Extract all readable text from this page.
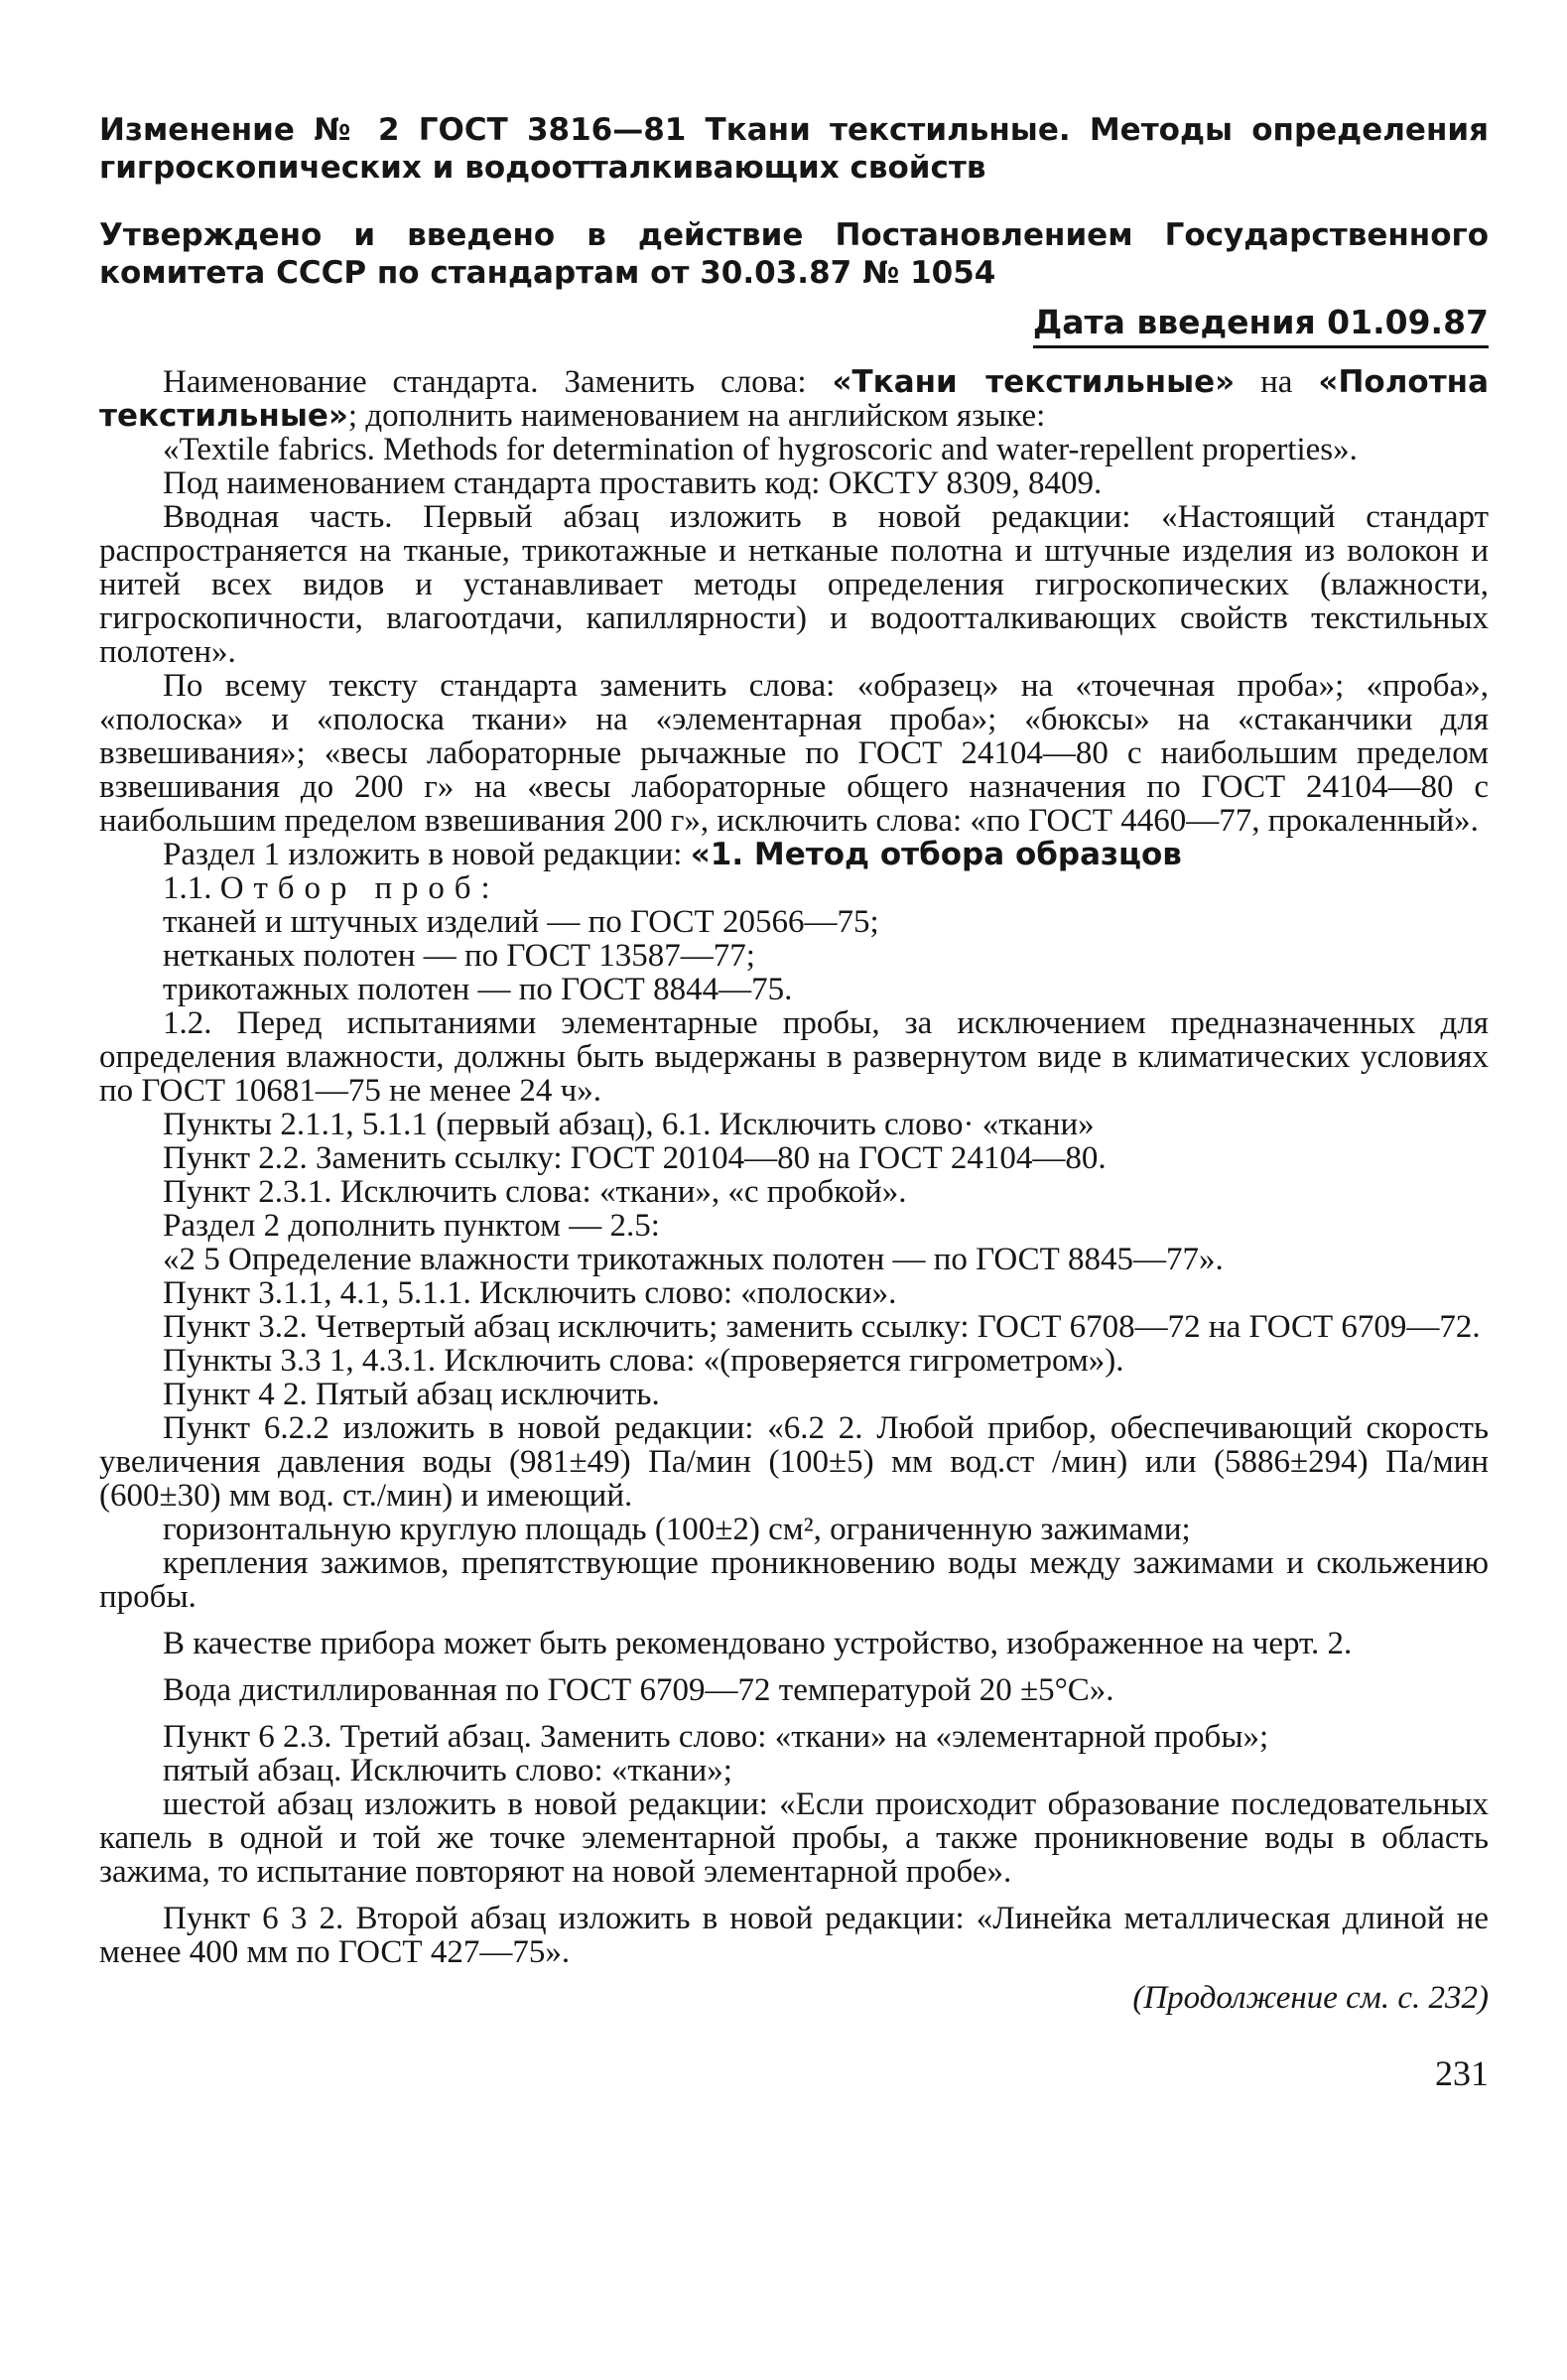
Изменение № 2 ГОСТ 3816—81 Ткани текстильные. Методы определения гигроскопических и водоотталкивающих свойств

Утверждено и введено в действие Постановлением Государственного комитета СССР по стандартам от 30.03.87 № 1054

Дата введения 01.09.87

Наименование стандарта. Заменить слова: «Ткани текстильные» на «Полотна текстильные»; дополнить наименованием на английском языке:

«Textile fabrics. Methods for determination of hygroscoric and water-repellent properties».

Под наименованием стандарта проставить код: ОКСТУ 8309, 8409.

Вводная часть. Первый абзац изложить в новой редакции: «Настоящий стандарт распространяется на тканые, трикотажные и нетканые полотна и штучные изделия из волокон и нитей всех видов и устанавливает методы определения гигроскопических (влажности, гигроскопичности, влагоотдачи, капиллярности) и водоотталкивающих свойств текстильных полотен».

По всему тексту стандарта заменить слова: «образец» на «точечная проба»; «проба», «полоска» и «полоска ткани» на «элементарная проба»; «бюксы» на «стаканчики для взвешивания»; «весы лабораторные рычажные по ГОСТ 24104—80 с наибольшим пределом взвешивания до 200 г» на «весы лабораторные общего назначения по ГОСТ 24104—80 с наибольшим пределом взвешивания 200 г», исключить слова: «по ГОСТ 4460—77, прокаленный».

Раздел 1 изложить в новой редакции: «1. Метод отбора образцов

1.1. Отбор проб:

тканей и штучных изделий — по ГОСТ 20566—75;

нетканых полотен — по ГОСТ 13587—77;

трикотажных полотен — по ГОСТ 8844—75.

1.2. Перед испытаниями элементарные пробы, за исключением предназначенных для определения влажности, должны быть выдержаны в развернутом виде в климатических условиях по ГОСТ 10681—75 не менее 24 ч».

Пункты 2.1.1, 5.1.1 (первый абзац), 6.1. Исключить слово· «ткани»

Пункт 2.2. Заменить ссылку: ГОСТ 20104—80 на ГОСТ 24104—80.

Пункт 2.3.1. Исключить слова: «ткани», «с пробкой».

Раздел 2 дополнить пунктом — 2.5:

«2 5 Определение влажности трикотажных полотен — по ГОСТ 8845—77».

Пункт 3.1.1, 4.1, 5.1.1. Исключить слово: «полоски».

Пункт 3.2. Четвертый абзац исключить; заменить ссылку: ГОСТ 6708—72 на ГОСТ 6709—72.

Пункты 3.3 1, 4.3.1. Исключить слова: «(проверяется гигрометром»).

Пункт 4 2. Пятый абзац исключить.

Пункт 6.2.2 изложить в новой редакции: «6.2 2. Любой прибор, обеспечивающий скорость увеличения давления воды (981±49) Па/мин (100±5) мм вод.ст /мин) или (5886±294) Па/мин (600±30) мм вод. ст./мин) и имеющий.

горизонтальную круглую площадь (100±2) см², ограниченную зажимами;

крепления зажимов, препятствующие проникновению воды между зажимами и скольжению пробы.

В качестве прибора может быть рекомендовано устройство, изображенное на черт. 2.

Вода дистиллированная по ГОСТ 6709—72 температурой 20 ±5°С».

Пункт 6 2.3. Третий абзац. Заменить слово: «ткани» на «элементарной пробы»;

пятый абзац. Исключить слово: «ткани»;

шестой абзац изложить в новой редакции: «Если происходит образование последовательных капель в одной и той же точке элементарной пробы, а также проникновение воды в область зажима, то испытание повторяют на новой элементарной пробе».

Пункт 6 3 2. Второй абзац изложить в новой редакции: «Линейка металлическая длиной не менее 400 мм по ГОСТ 427—75».

(Продолжение см. с. 232)

231
